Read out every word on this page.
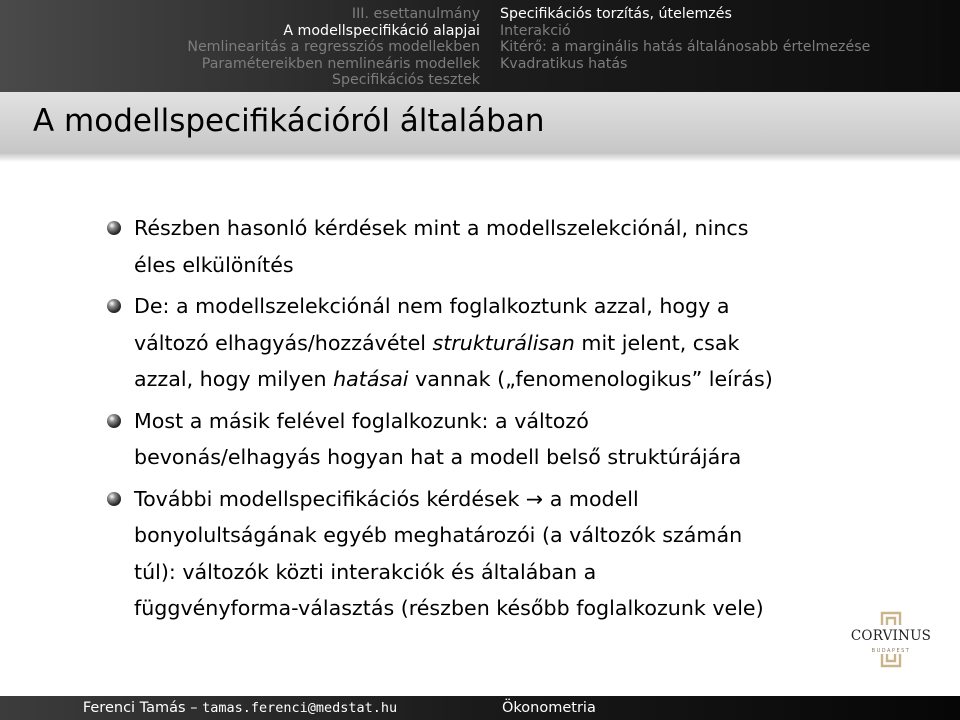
III. esettanulmány
A modellspecifikáció alapjai
Nemlinearitás a regressziós modellekben
Paramétereikben nemlineáris modellek
Specifikációs tesztek
Specifikációs torzítás, útelemzés
Interakció
Kitérő: a marginális hatás általánosabb értelmezése
Kvadratikus hatás
A modellspecifikációról általában
Részben hasonló kérdések mint a modellszelekciónál, nincs
éles elkülönítés
De: a modellszelekciónál nem foglalkoztunk azzal, hogy a
változó elhagyás/hozzávétel strukturálisan mit jelent, csak
azzal, hogy milyen hatásai vannak („fenomenologikus” leírás)
Most a másik felével foglalkozunk: a változó
bevonás/elhagyás hogyan hat a modell belső struktúrájára
További modellspecifikációs kérdések → a modell
bonyolultságának egyéb meghatározói (a változók számán
túl): változók közti interakciók és általában a
függvényforma-választás (részben később foglalkozunk vele)
CORVINUS
BUDAPEST
Ferenci Tamás
–
tamas.ferenci@medstat.hu	Ökonometria
